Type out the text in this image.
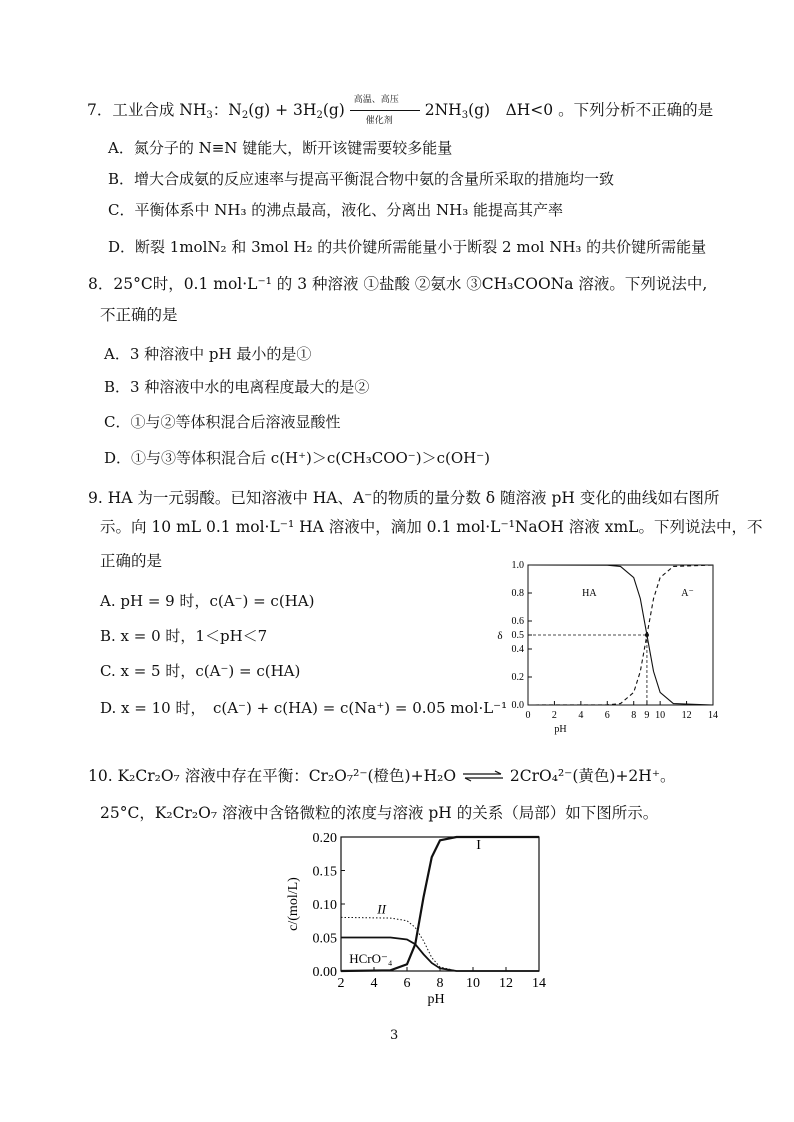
7．工业合成 $NH_3$：$N_2(g) + 3H_2(g)$
高温、高压
催化剂
$2NH_3(g)$　ΔH<0 。下列分析不正确的是
A．氮分子的 N≡N 键能大，断开该键需要较多能量
B．增大合成氨的反应速率与提高平衡混合物中氨的含量所采取的措施均一致
C．平衡体系中 NH₃ 的沸点最高，液化、分离出 NH₃ 能提高其产率
D．断裂 1molN₂ 和 3mol H₂ 的共价键所需能量小于断裂 2 mol NH₃ 的共价键所需能量
8．25°C时，0.1 mol·L⁻¹ 的 3 种溶液 ①盐酸 ②氨水 ③CH₃COONa 溶液。下列说法中,
不正确的是
A．3 种溶液中 pH 最小的是①
B．3 种溶液中水的电离程度最大的是②
C．①与②等体积混合后溶液显酸性
D．①与③等体积混合后 c(H⁺)＞c(CH₃COO⁻)＞c(OH⁻)
9. HA 为一元弱酸。已知溶液中 HA、A⁻的物质的量分数 δ 随溶液 pH 变化的曲线如右图所
示。向 10 mL 0.1 mol·L⁻¹ HA 溶液中，滴加 0.1 mol·L⁻¹NaOH 溶液 xmL。下列说法中，不
正确的是
A. pH = 9 时，c(A⁻) = c(HA)
B. x = 0 时，1＜pH＜7
C. x = 5 时，c(A⁻) = c(HA)
D. x = 10 时，　c(A⁻) + c(HA) = c(Na⁺) = 0.05 mol·L⁻¹ 0 2 4 6 8 9 10 12 14
0.0
0.2
0.4
0.5
0.6
0.8
1.0
pH
δ
HA	A⁻
10. K₂Cr₂O₇ 溶液中存在平衡：Cr₂O₇²⁻(橙色)+H₂O ⇌ 2CrO₄²⁻(黄色)+2H⁺。
25°C，K₂Cr₂O₇ 溶液中含铬微粒的浓度与溶液 pH 的关系（局部）如下图所示。
2 4 6 8 10 12 14
0.00
0.05
0.10
0.15
0.20
pH
c/(mol/L)
I
II
HCrO⁻₄
3
